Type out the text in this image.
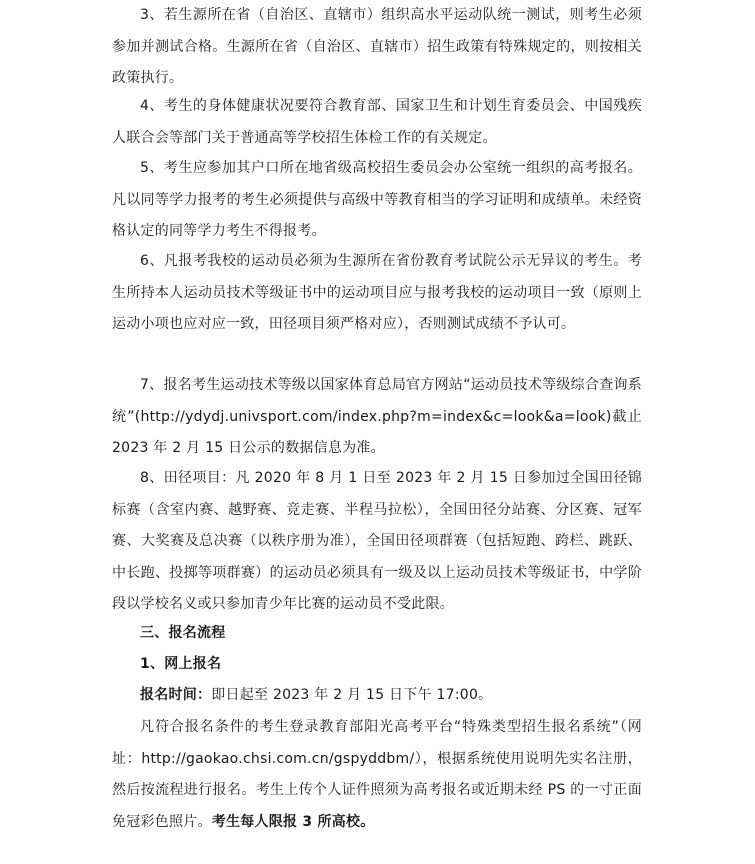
3、若生源所在省（自治区、直辖市）组织高水平运动队统一测试，则考生必须参加并测试合格。生源所在省（自治区、直辖市）招生政策有特殊规定的，则按相关政策执行。

4、考生的身体健康状况要符合教育部、国家卫生和计划生育委员会、中国残疾人联合会等部门关于普通高等学校招生体检工作的有关规定。

5、考生应参加其户口所在地省级高校招生委员会办公室统一组织的高考报名。凡以同等学力报考的考生必须提供与高级中等教育相当的学习证明和成绩单。未经资格认定的同等学力考生不得报考。

6、凡报考我校的运动员必须为生源所在省份教育考试院公示无异议的考生。考生所持本人运动员技术等级证书中的运动项目应与报考我校的运动项目一致（原则上运动小项也应对应一致，田径项目须严格对应），否则测试成绩不予认可。

7、报名考生运动技术等级以国家体育总局官方网站“运动员技术等级综合查询系统”(http://ydydj.univsport.com/index.php?m=index&c=look&a=look)截止 2023 年 2 月 15 日公示的数据信息为准。

8、田径项目：凡 2020 年 8 月 1 日至 2023 年 2 月 15 日参加过全国田径锦标赛（含室内赛、越野赛、竞走赛、半程马拉松），全国田径分站赛、分区赛、冠军赛、大奖赛及总决赛（以秩序册为准），全国田径项群赛（包括短跑、跨栏、跳跃、中长跑、投掷等项群赛）的运动员必须具有一级及以上运动员技术等级证书，中学阶段以学校名义或只参加青少年比赛的运动员不受此限。

三、报名流程

1、网上报名

报名时间：即日起至 2023 年 2 月 15 日下午 17:00。

凡符合报名条件的考生登录教育部阳光高考平台“特殊类型招生报名系统”（网址：http://gaokao.chsi.com.cn/gspyddbm/），根据系统使用说明先实名注册，然后按流程进行报名。考生上传个人证件照须为高考报名或近期未经 PS 的一寸正面免冠彩色照片。考生每人限报 3 所高校。
